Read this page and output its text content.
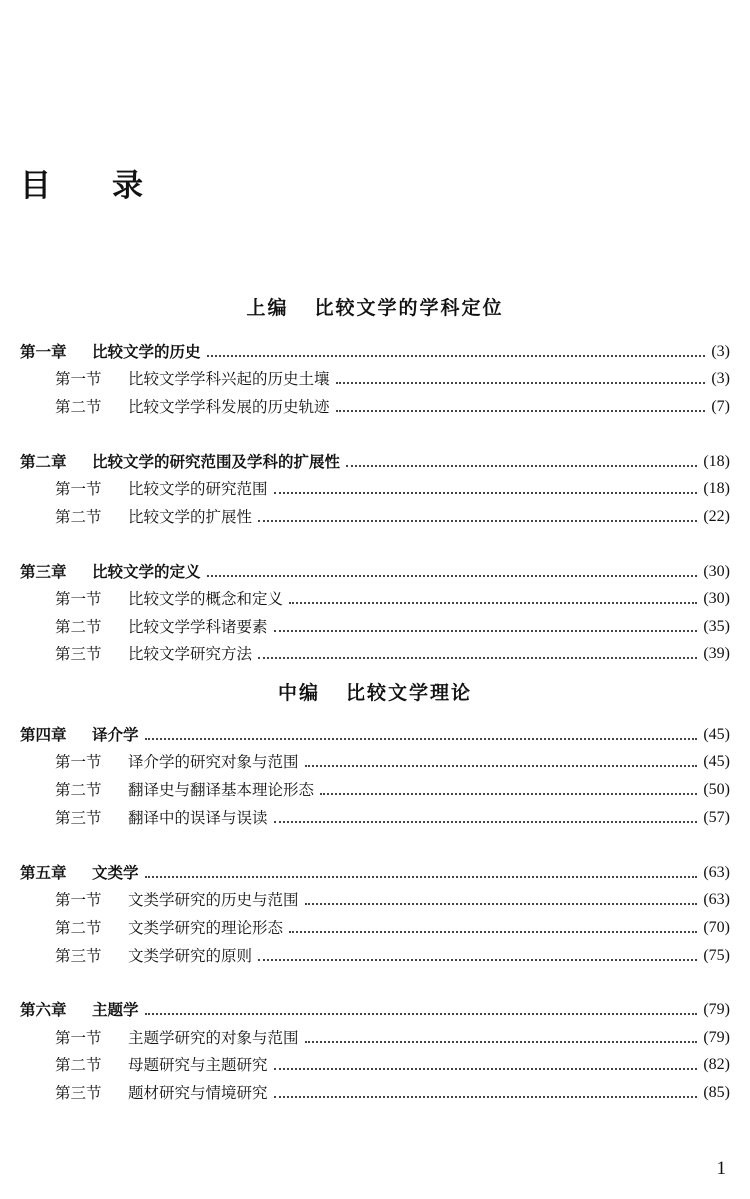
目 录
上编 比较文学的学科定位
第一章	比较文学的历史	(3)
第一节	比较文学学科兴起的历史土壤	(3)
第二节	比较文学学科发展的历史轨迹	(7)
第二章	比较文学的研究范围及学科的扩展性	(18)
第一节	比较文学的研究范围	(18)
第二节	比较文学的扩展性	(22)
第三章	比较文学的定义	(30)
第一节	比较文学的概念和定义	(30)
第二节	比较文学学科诸要素	(35)
第三节	比较文学研究方法	(39)
第四章	译介学	(45)
第一节	译介学的研究对象与范围	(45)
第二节	翻译史与翻译基本理论形态	(50)
第三节	翻译中的误译与误读	(57)
第五章	文类学	(63)
第一节	文类学研究的历史与范围	(63)
第二节	文类学研究的理论形态	(70)
第三节	文类学研究的原则	(75)
第六章	主题学	(79)
第一节	主题学研究的对象与范围	(79)
第二节	母题研究与主题研究	(82)
第三节	题材研究与情境研究	(85)
中编 比较文学理论
1
